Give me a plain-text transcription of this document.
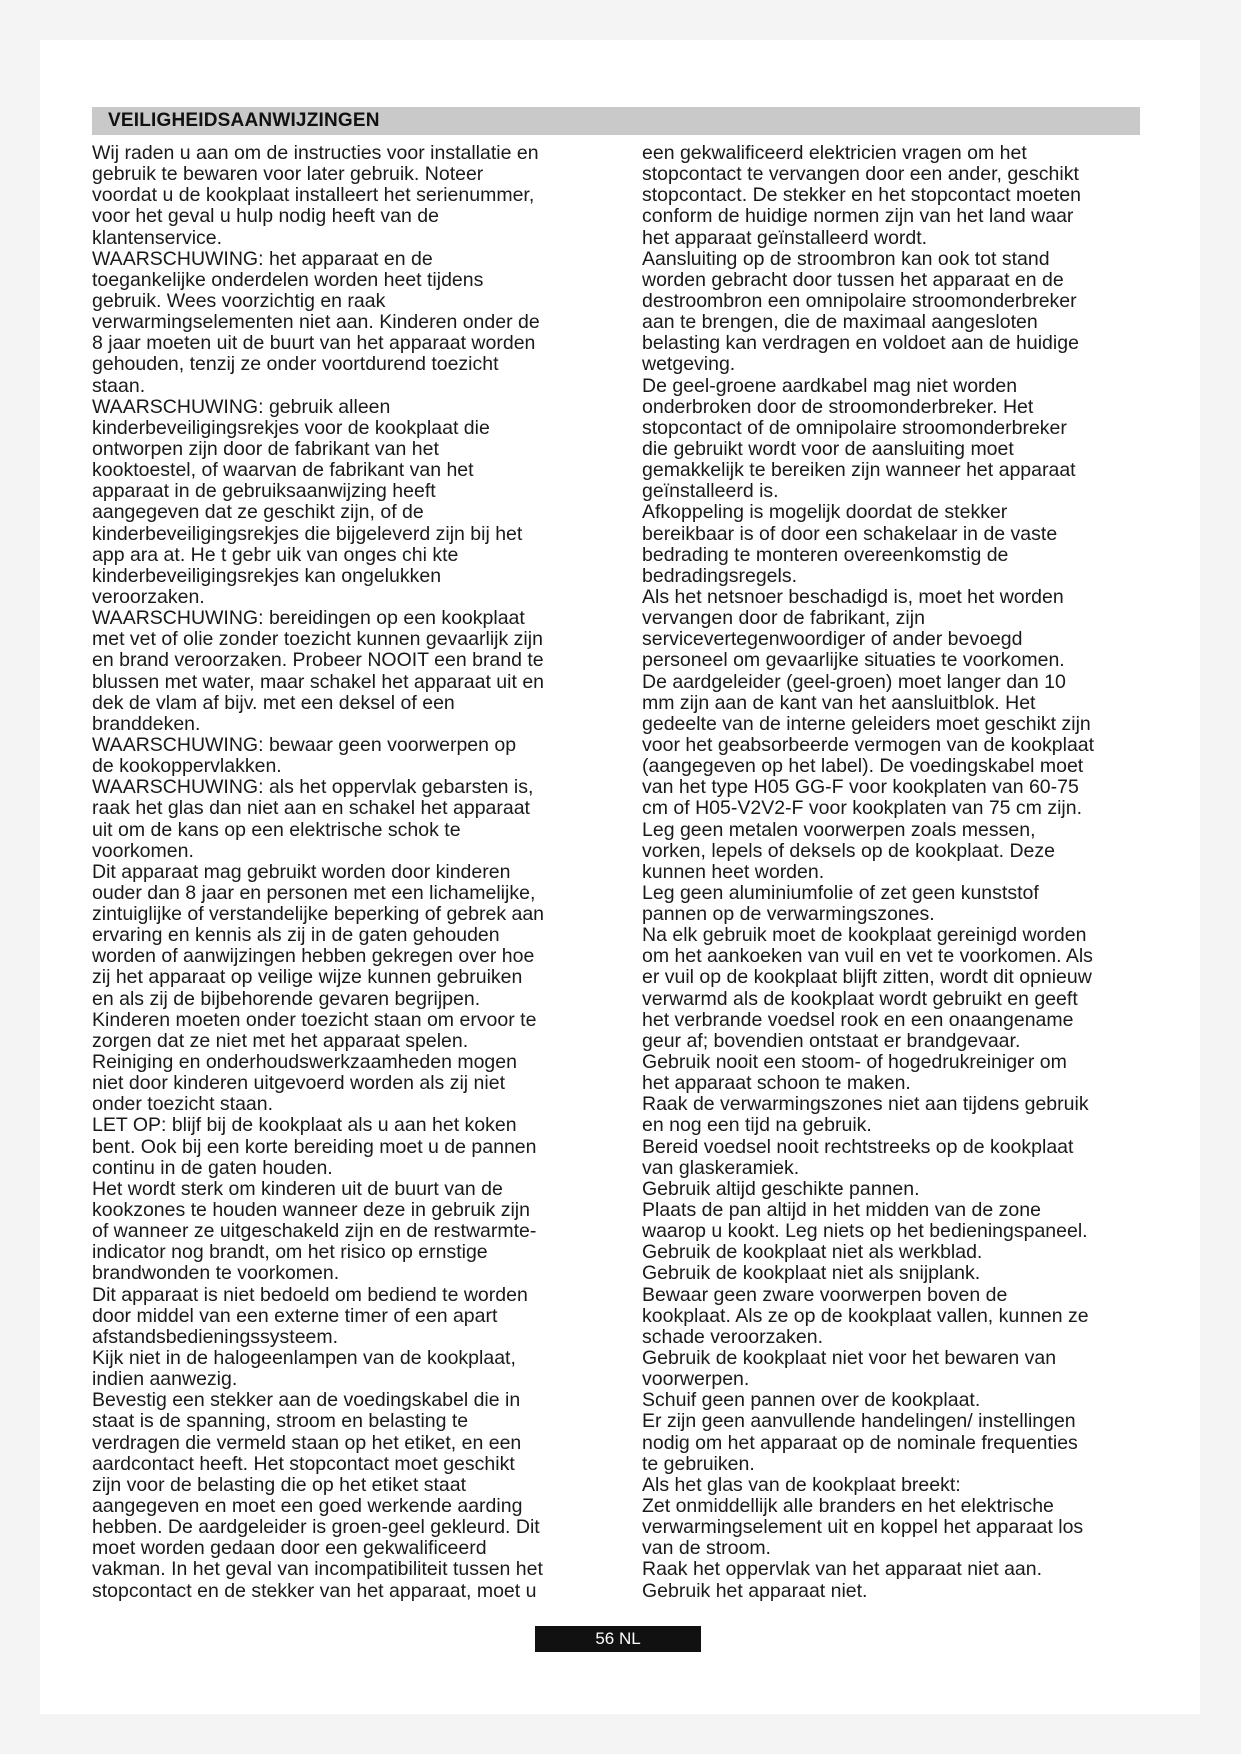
VEILIGHEIDSAANWIJZINGEN
Wij raden u aan om de instructies voor installatie en
gebruik te bewaren voor later gebruik. Noteer
voordat u de kookplaat installeert het serienummer,
voor het geval u hulp nodig heeft van de
klantenservice.
WAARSCHUWING: het apparaat en de
toegankelijke onderdelen worden heet tijdens
gebruik. Wees voorzichtig en raak
verwarmingselementen niet aan. Kinderen onder de
8 jaar moeten uit de buurt van het apparaat worden
gehouden, tenzij ze onder voortdurend toezicht
staan.
WAARSCHUWING: gebruik alleen
kinderbeveiligingsrekjes voor de kookplaat die
ontworpen zijn door de fabrikant van het
kooktoestel, of waarvan de fabrikant van het
apparaat in de gebruiksaanwijzing heeft
aangegeven dat ze geschikt zijn, of de
kinderbeveiligingsrekjes die bijgeleverd zijn bij het
app ara at. He t gebr uik van onges chi kte
kinderbeveiligingsrekjes kan ongelukken
veroorzaken.
WAARSCHUWING: bereidingen op een kookplaat
met vet of olie zonder toezicht kunnen gevaarlijk zijn
en brand veroorzaken. Probeer NOOIT een brand te
blussen met water, maar schakel het apparaat uit en
dek de vlam af bijv. met een deksel of een
branddeken.
WAARSCHUWING: bewaar geen voorwerpen op
de kookoppervlakken.
WAARSCHUWING: als het oppervlak gebarsten is,
raak het glas dan niet aan en schakel het apparaat
uit om de kans op een elektrische schok te
voorkomen.
Dit apparaat mag gebruikt worden door kinderen
ouder dan 8 jaar en personen met een lichamelijke,
zintuiglijke of verstandelijke beperking of gebrek aan
ervaring en kennis als zij in de gaten gehouden
worden of aanwijzingen hebben gekregen over hoe
zij het apparaat op veilige wijze kunnen gebruiken
en als zij de bijbehorende gevaren begrijpen.
Kinderen moeten onder toezicht staan om ervoor te
zorgen dat ze niet met het apparaat spelen.
Reiniging en onderhoudswerkzaamheden mogen
niet door kinderen uitgevoerd worden als zij niet
onder toezicht staan.
LET OP: blijf bij de kookplaat als u aan het koken
bent. Ook bij een korte bereiding moet u de pannen
continu in de gaten houden.
Het wordt sterk om kinderen uit de buurt van de
kookzones te houden wanneer deze in gebruik zijn
of wanneer ze uitgeschakeld zijn en de restwarmte-
indicator nog brandt, om het risico op ernstige
brandwonden te voorkomen.
Dit apparaat is niet bedoeld om bediend te worden
door middel van een externe timer of een apart
afstandsbedieningssysteem.
Kijk niet in de halogeenlampen van de kookplaat,
indien aanwezig.
Bevestig een stekker aan de voedingskabel die in
staat is de spanning, stroom en belasting te
verdragen die vermeld staan op het etiket, en een
aardcontact heeft. Het stopcontact moet geschikt
zijn voor de belasting die op het etiket staat
aangegeven en moet een goed werkende aarding
hebben. De aardgeleider is groen-geel gekleurd. Dit
moet worden gedaan door een gekwalificeerd
vakman. In het geval van incompatibiliteit tussen het
stopcontact en de stekker van het apparaat, moet u
een gekwalificeerd elektricien vragen om het
stopcontact te vervangen door een ander, geschikt
stopcontact. De stekker en het stopcontact moeten
conform de huidige normen zijn van het land waar
het apparaat geïnstalleerd wordt.
Aansluiting op de stroombron kan ook tot stand
worden gebracht door tussen het apparaat en de
destroombron een omnipolaire stroomonderbreker
aan te brengen, die de maximaal aangesloten
belasting kan verdragen en voldoet aan de huidige
wetgeving.
De geel-groene aardkabel mag niet worden
onderbroken door de stroomonderbreker. Het
stopcontact of de omnipolaire stroomonderbreker
die gebruikt wordt voor de aansluiting moet
gemakkelijk te bereiken zijn wanneer het apparaat
geïnstalleerd is.
Afkoppeling is mogelijk doordat de stekker
bereikbaar is of door een schakelaar in de vaste
bedrading te monteren overeenkomstig de
bedradingsregels.
Als het netsnoer beschadigd is, moet het worden
vervangen door de fabrikant, zijn
servicevertegenwoordiger of ander bevoegd
personeel om gevaarlijke situaties te voorkomen.
De aardgeleider (geel-groen) moet langer dan 10
mm zijn aan de kant van het aansluitblok. Het
gedeelte van de interne geleiders moet geschikt zijn
voor het geabsorbeerde vermogen van de kookplaat
(aangegeven op het label). De voedingskabel moet
van het type H05 GG-F voor kookplaten van 60-75
cm of H05-V2V2-F voor kookplaten van 75 cm zijn.
Leg geen metalen voorwerpen zoals messen,
vorken, lepels of deksels op de kookplaat. Deze
kunnen heet worden.
Leg geen aluminiumfolie of zet geen kunststof
pannen op de verwarmingszones.
Na elk gebruik moet de kookplaat gereinigd worden
om het aankoeken van vuil en vet te voorkomen. Als
er vuil op de kookplaat blijft zitten, wordt dit opnieuw
verwarmd als de kookplaat wordt gebruikt en geeft
het verbrande voedsel rook en een onaangename
geur af; bovendien ontstaat er brandgevaar.
Gebruik nooit een stoom- of hogedrukreiniger om
het apparaat schoon te maken.
Raak de verwarmingszones niet aan tijdens gebruik
en nog een tijd na gebruik.
Bereid voedsel nooit rechtstreeks op de kookplaat
van glaskeramiek.
Gebruik altijd geschikte pannen.
Plaats de pan altijd in het midden van de zone
waarop u kookt. Leg niets op het bedieningspaneel.
Gebruik de kookplaat niet als werkblad.
Gebruik de kookplaat niet als snijplank.
Bewaar geen zware voorwerpen boven de
kookplaat. Als ze op de kookplaat vallen, kunnen ze
schade veroorzaken.
Gebruik de kookplaat niet voor het bewaren van
voorwerpen.
Schuif geen pannen over de kookplaat.
Er zijn geen aanvullende handelingen/ instellingen
nodig om het apparaat op de nominale frequenties
te gebruiken.
Als het glas van de kookplaat breekt:
Zet onmiddellijk alle branders en het elektrische
verwarmingselement uit en koppel het apparaat los
van de stroom.
Raak het oppervlak van het apparaat niet aan.
Gebruik het apparaat niet.
56 NL
